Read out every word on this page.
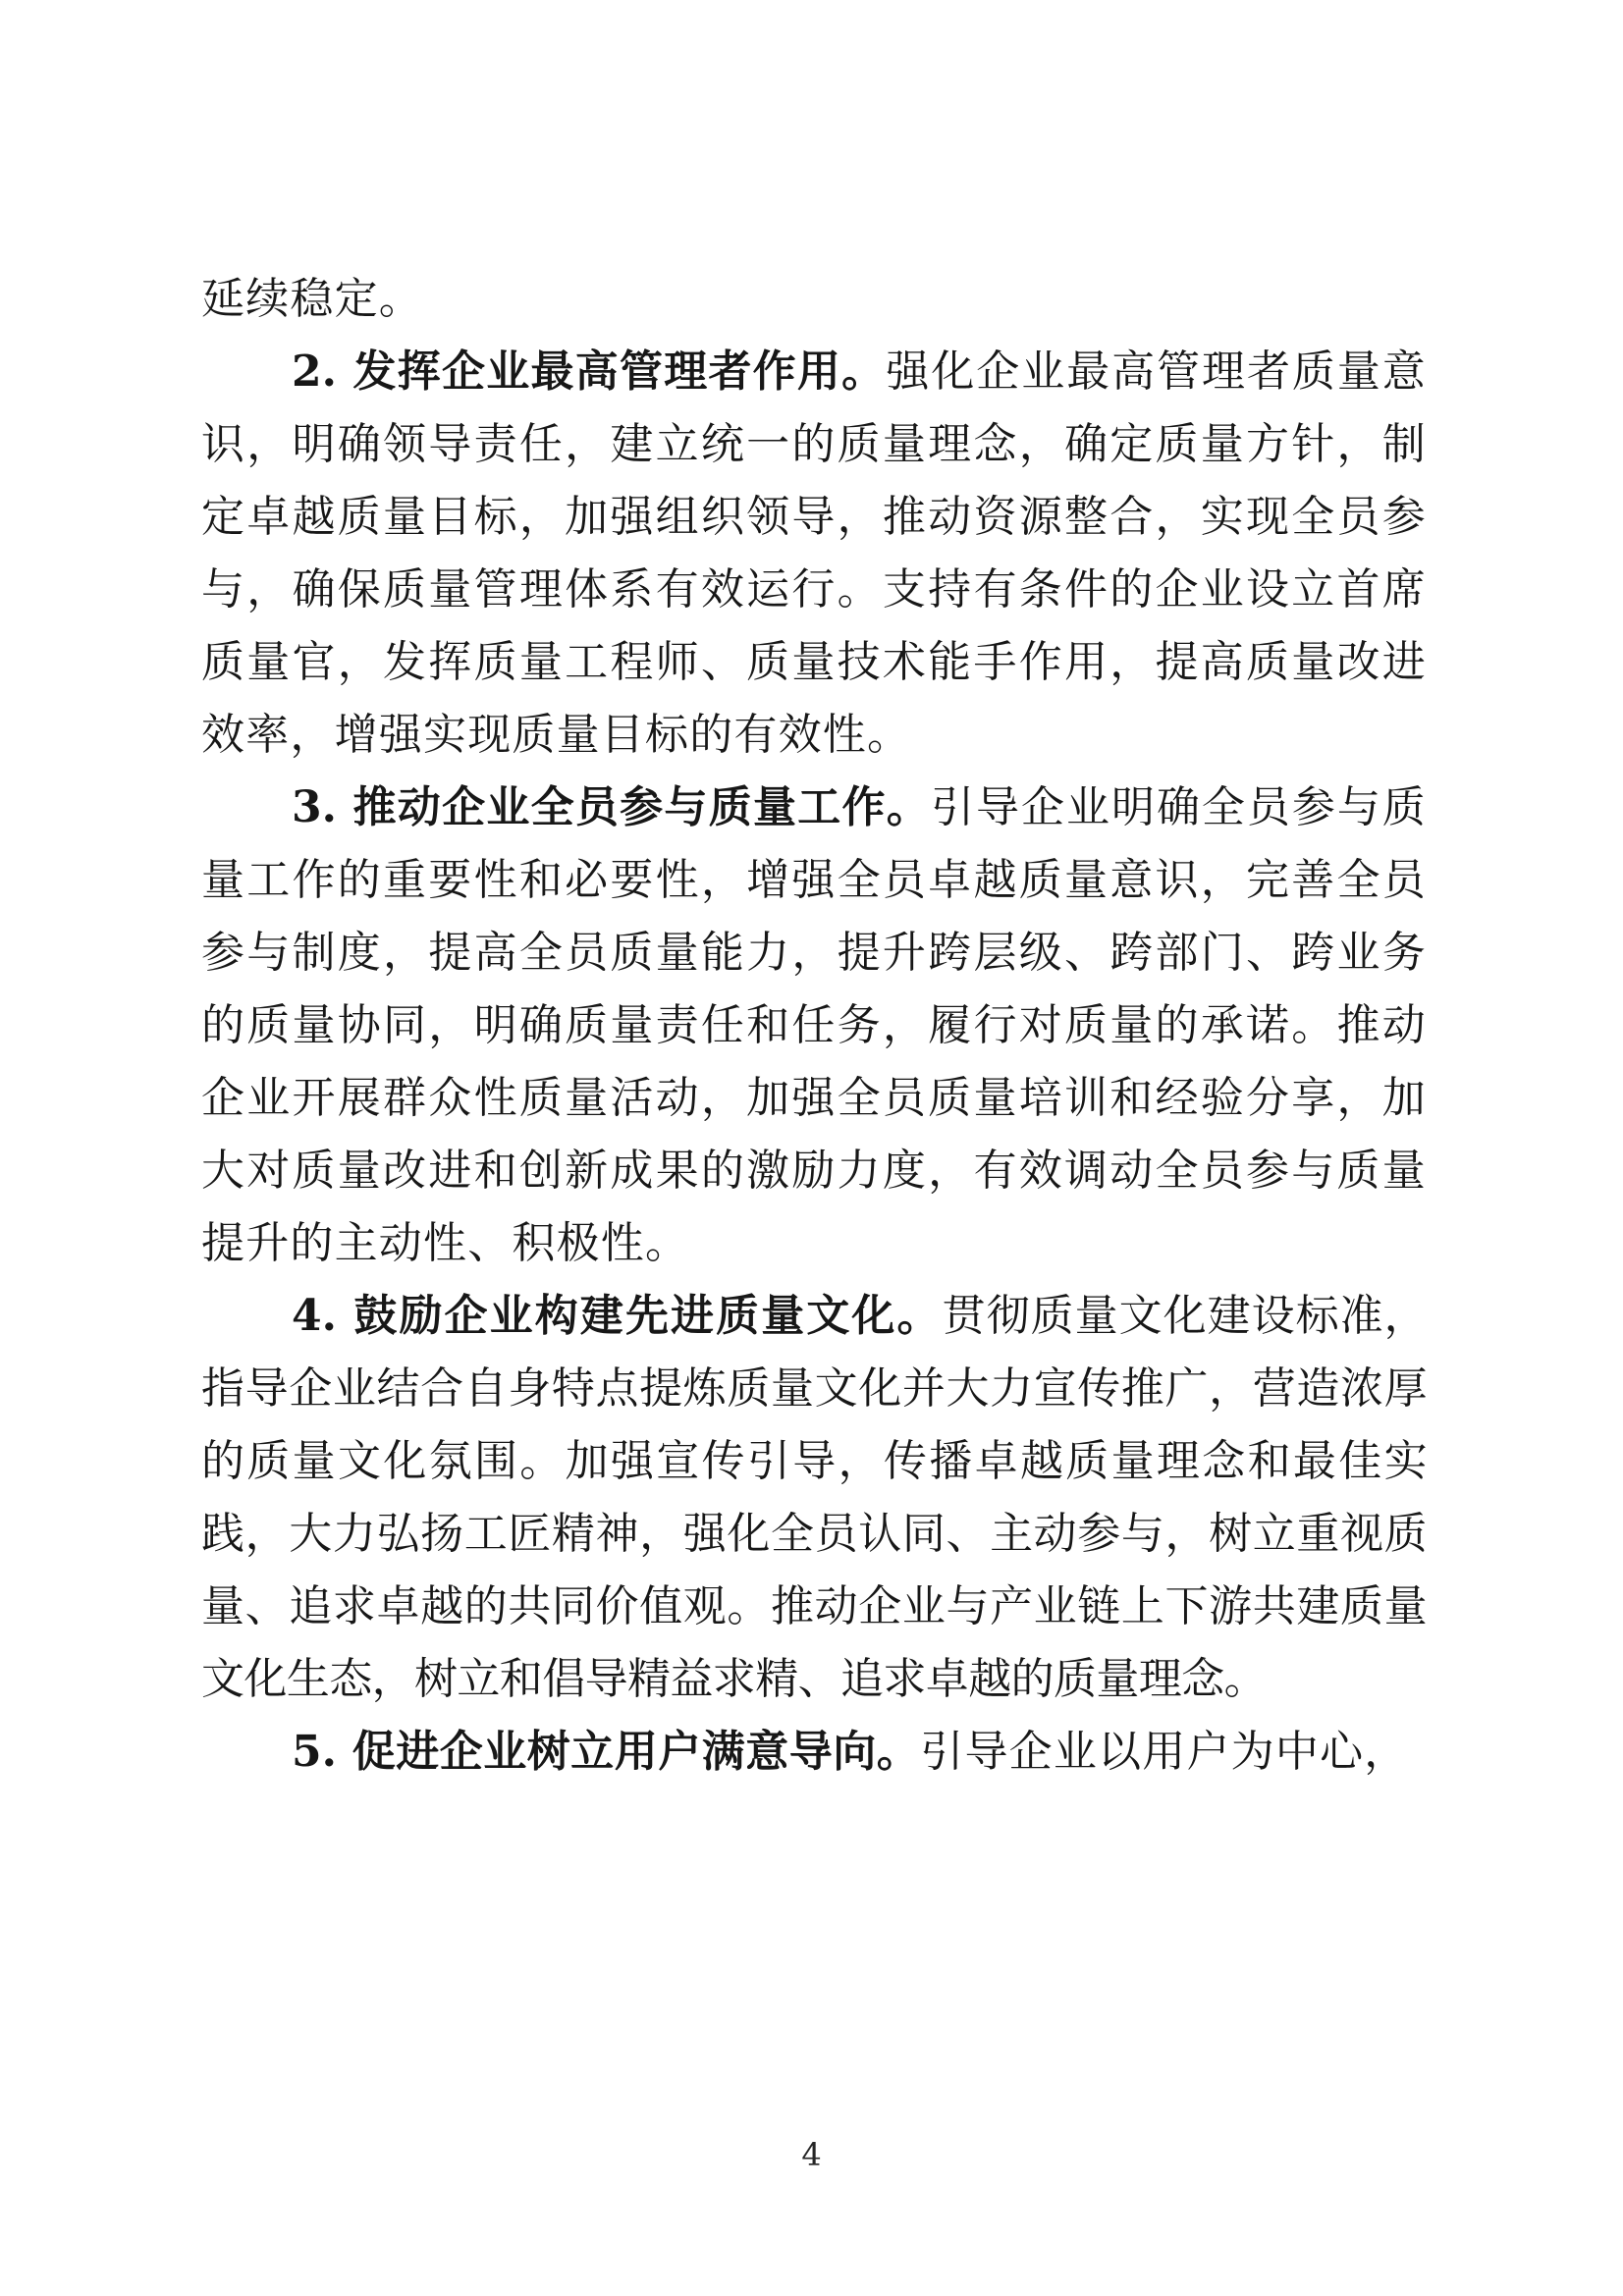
延续稳定。

2. 发挥企业最高管理者作用。强化企业最高管理者质量意识，明确领导责任，建立统一的质量理念，确定质量方针，制定卓越质量目标，加强组织领导，推动资源整合，实现全员参与，确保质量管理体系有效运行。支持有条件的企业设立首席质量官，发挥质量工程师、质量技术能手作用，提高质量改进效率，增强实现质量目标的有效性。

3. 推动企业全员参与质量工作。引导企业明确全员参与质量工作的重要性和必要性，增强全员卓越质量意识，完善全员参与制度，提高全员质量能力，提升跨层级、跨部门、跨业务的质量协同，明确质量责任和任务，履行对质量的承诺。推动企业开展群众性质量活动，加强全员质量培训和经验分享，加大对质量改进和创新成果的激励力度，有效调动全员参与质量提升的主动性、积极性。

4. 鼓励企业构建先进质量文化。贯彻质量文化建设标准，指导企业结合自身特点提炼质量文化并大力宣传推广，营造浓厚的质量文化氛围。加强宣传引导，传播卓越质量理念和最佳实践，大力弘扬工匠精神，强化全员认同、主动参与，树立重视质量、追求卓越的共同价值观。推动企业与产业链上下游共建质量文化生态，树立和倡导精益求精、追求卓越的质量理念。

5. 促进企业树立用户满意导向。引导企业以用户为中心，

4
